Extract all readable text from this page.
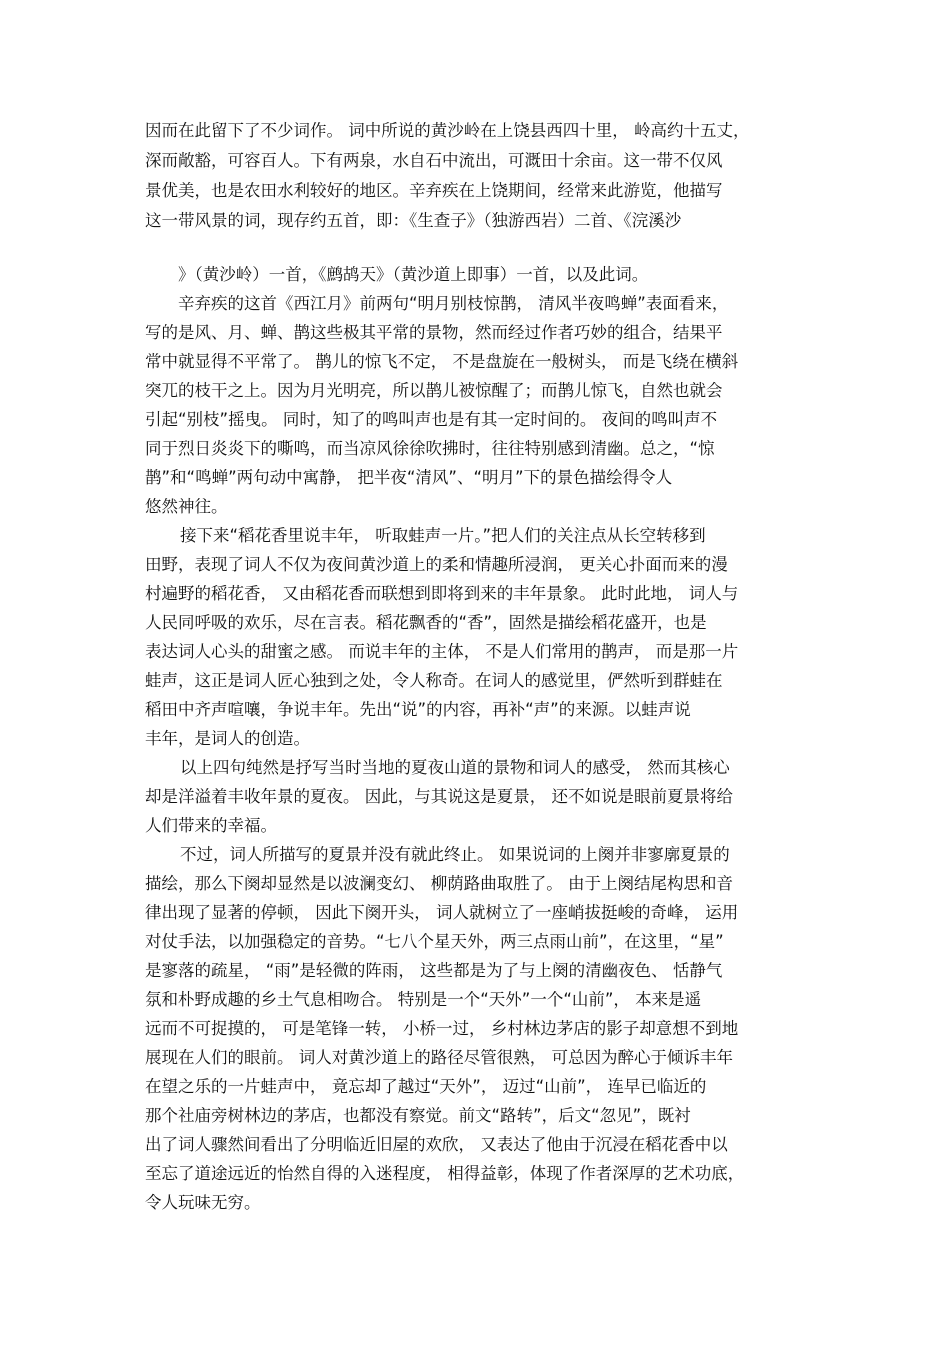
因而在此留下了不少词作。 词中所说的黄沙岭在上饶县西四十里， 岭高约十五丈，
深而敞豁，可容百人。下有两泉，水自石中流出，可溉田十余亩。这一带不仅风
景优美，也是农田水利较好的地区。辛弃疾在上饶期间，经常来此游览，他描写
这一带风景的词，现存约五首，即：《生查子》（独游西岩）二首、《浣溪沙
》（黄沙岭）一首，《鹧鸪天》（黄沙道上即事）一首，以及此词。
辛弃疾的这首《西江月》前两句“明月别枝惊鹊， 清风半夜鸣蝉”表面看来，
写的是风、月、蝉、鹊这些极其平常的景物，然而经过作者巧妙的组合，结果平
常中就显得不平常了。 鹊儿的惊飞不定， 不是盘旋在一般树头， 而是飞绕在横斜
突兀的枝干之上。因为月光明亮，所以鹊儿被惊醒了；而鹊儿惊飞，自然也就会
引起“别枝”摇曳。 同时，知了的鸣叫声也是有其一定时间的。 夜间的鸣叫声不
同于烈日炎炎下的嘶鸣，而当凉风徐徐吹拂时，往往特别感到清幽。总之，“惊
鹊”和“鸣蝉”两句动中寓静， 把半夜“清风”、“明月”下的景色描绘得令人
悠然神往。
接下来“稻花香里说丰年， 听取蛙声一片。”把人们的关注点从长空转移到
田野，表现了词人不仅为夜间黄沙道上的柔和情趣所浸润， 更关心扑面而来的漫
村遍野的稻花香， 又由稻花香而联想到即将到来的丰年景象。 此时此地， 词人与
人民同呼吸的欢乐，尽在言表。稻花飘香的“香”，固然是描绘稻花盛开，也是
表达词人心头的甜蜜之感。 而说丰年的主体， 不是人们常用的鹊声， 而是那一片
蛙声，这正是词人匠心独到之处，令人称奇。在词人的感觉里，俨然听到群蛙在
稻田中齐声喧嚷，争说丰年。先出“说”的内容，再补“声”的来源。以蛙声说
丰年，是词人的创造。
以上四句纯然是抒写当时当地的夏夜山道的景物和词人的感受， 然而其核心
却是洋溢着丰收年景的夏夜。 因此，与其说这是夏景， 还不如说是眼前夏景将给
人们带来的幸福。
不过，词人所描写的夏景并没有就此终止。 如果说词的上阕并非寥廓夏景的
描绘，那么下阕却显然是以波澜变幻、 柳荫路曲取胜了。 由于上阕结尾构思和音
律出现了显著的停顿， 因此下阕开头， 词人就树立了一座峭拔挺峻的奇峰， 运用
对仗手法，以加强稳定的音势。“七八个星天外，两三点雨山前”，在这里，“星”
是寥落的疏星， “雨”是轻微的阵雨， 这些都是为了与上阕的清幽夜色、 恬静气
氛和朴野成趣的乡土气息相吻合。 特别是一个“天外”一个“山前”， 本来是遥
远而不可捉摸的， 可是笔锋一转， 小桥一过， 乡村林边茅店的影子却意想不到地
展现在人们的眼前。 词人对黄沙道上的路径尽管很熟， 可总因为醉心于倾诉丰年
在望之乐的一片蛙声中， 竟忘却了越过“天外”， 迈过“山前”， 连早已临近的
那个社庙旁树林边的茅店，也都没有察觉。前文“路转”，后文“忽见”，既衬
出了词人骤然间看出了分明临近旧屋的欢欣， 又表达了他由于沉浸在稻花香中以
至忘了道途远近的怡然自得的入迷程度， 相得益彰，体现了作者深厚的艺术功底，
令人玩味无穷。
